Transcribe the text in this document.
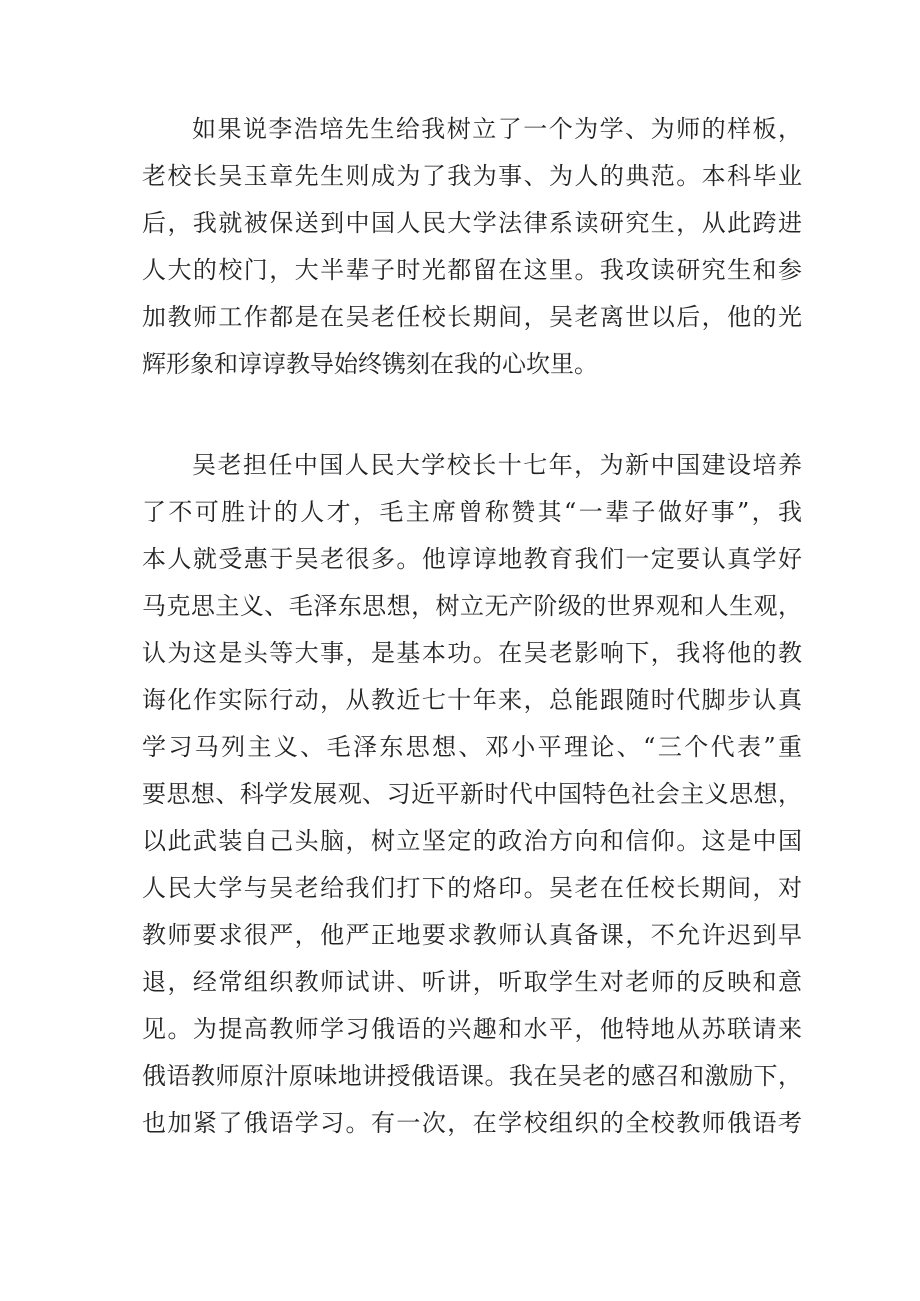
如果说李浩培先生给我树立了一个为学、为师的样板，
老校长吴玉章先生则成为了我为事、为人的典范。本科毕业
后，我就被保送到中国人民大学法律系读研究生，从此跨进
人大的校门，大半辈子时光都留在这里。我攻读研究生和参
加教师工作都是在吴老任校长期间，吴老离世以后，他的光
辉形象和谆谆教导始终镌刻在我的心坎里。
吴老担任中国人民大学校长十七年，为新中国建设培养
了不可胜计的人才，毛主席曾称赞其“一辈子做好事”，我
本人就受惠于吴老很多。他谆谆地教育我们一定要认真学好
马克思主义、毛泽东思想，树立无产阶级的世界观和人生观，
认为这是头等大事，是基本功。在吴老影响下，我将他的教
诲化作实际行动，从教近七十年来，总能跟随时代脚步认真
学习马列主义、毛泽东思想、邓小平理论、“三个代表”重
要思想、科学发展观、习近平新时代中国特色社会主义思想，
以此武装自己头脑，树立坚定的政治方向和信仰。这是中国
人民大学与吴老给我们打下的烙印。吴老在任校长期间，对
教师要求很严，他严正地要求教师认真备课，不允许迟到早
退，经常组织教师试讲、听讲，听取学生对老师的反映和意
见。为提高教师学习俄语的兴趣和水平，他特地从苏联请来
俄语教师原汁原味地讲授俄语课。我在吴老的感召和激励下，
也加紧了俄语学习。有一次，在学校组织的全校教师俄语考
